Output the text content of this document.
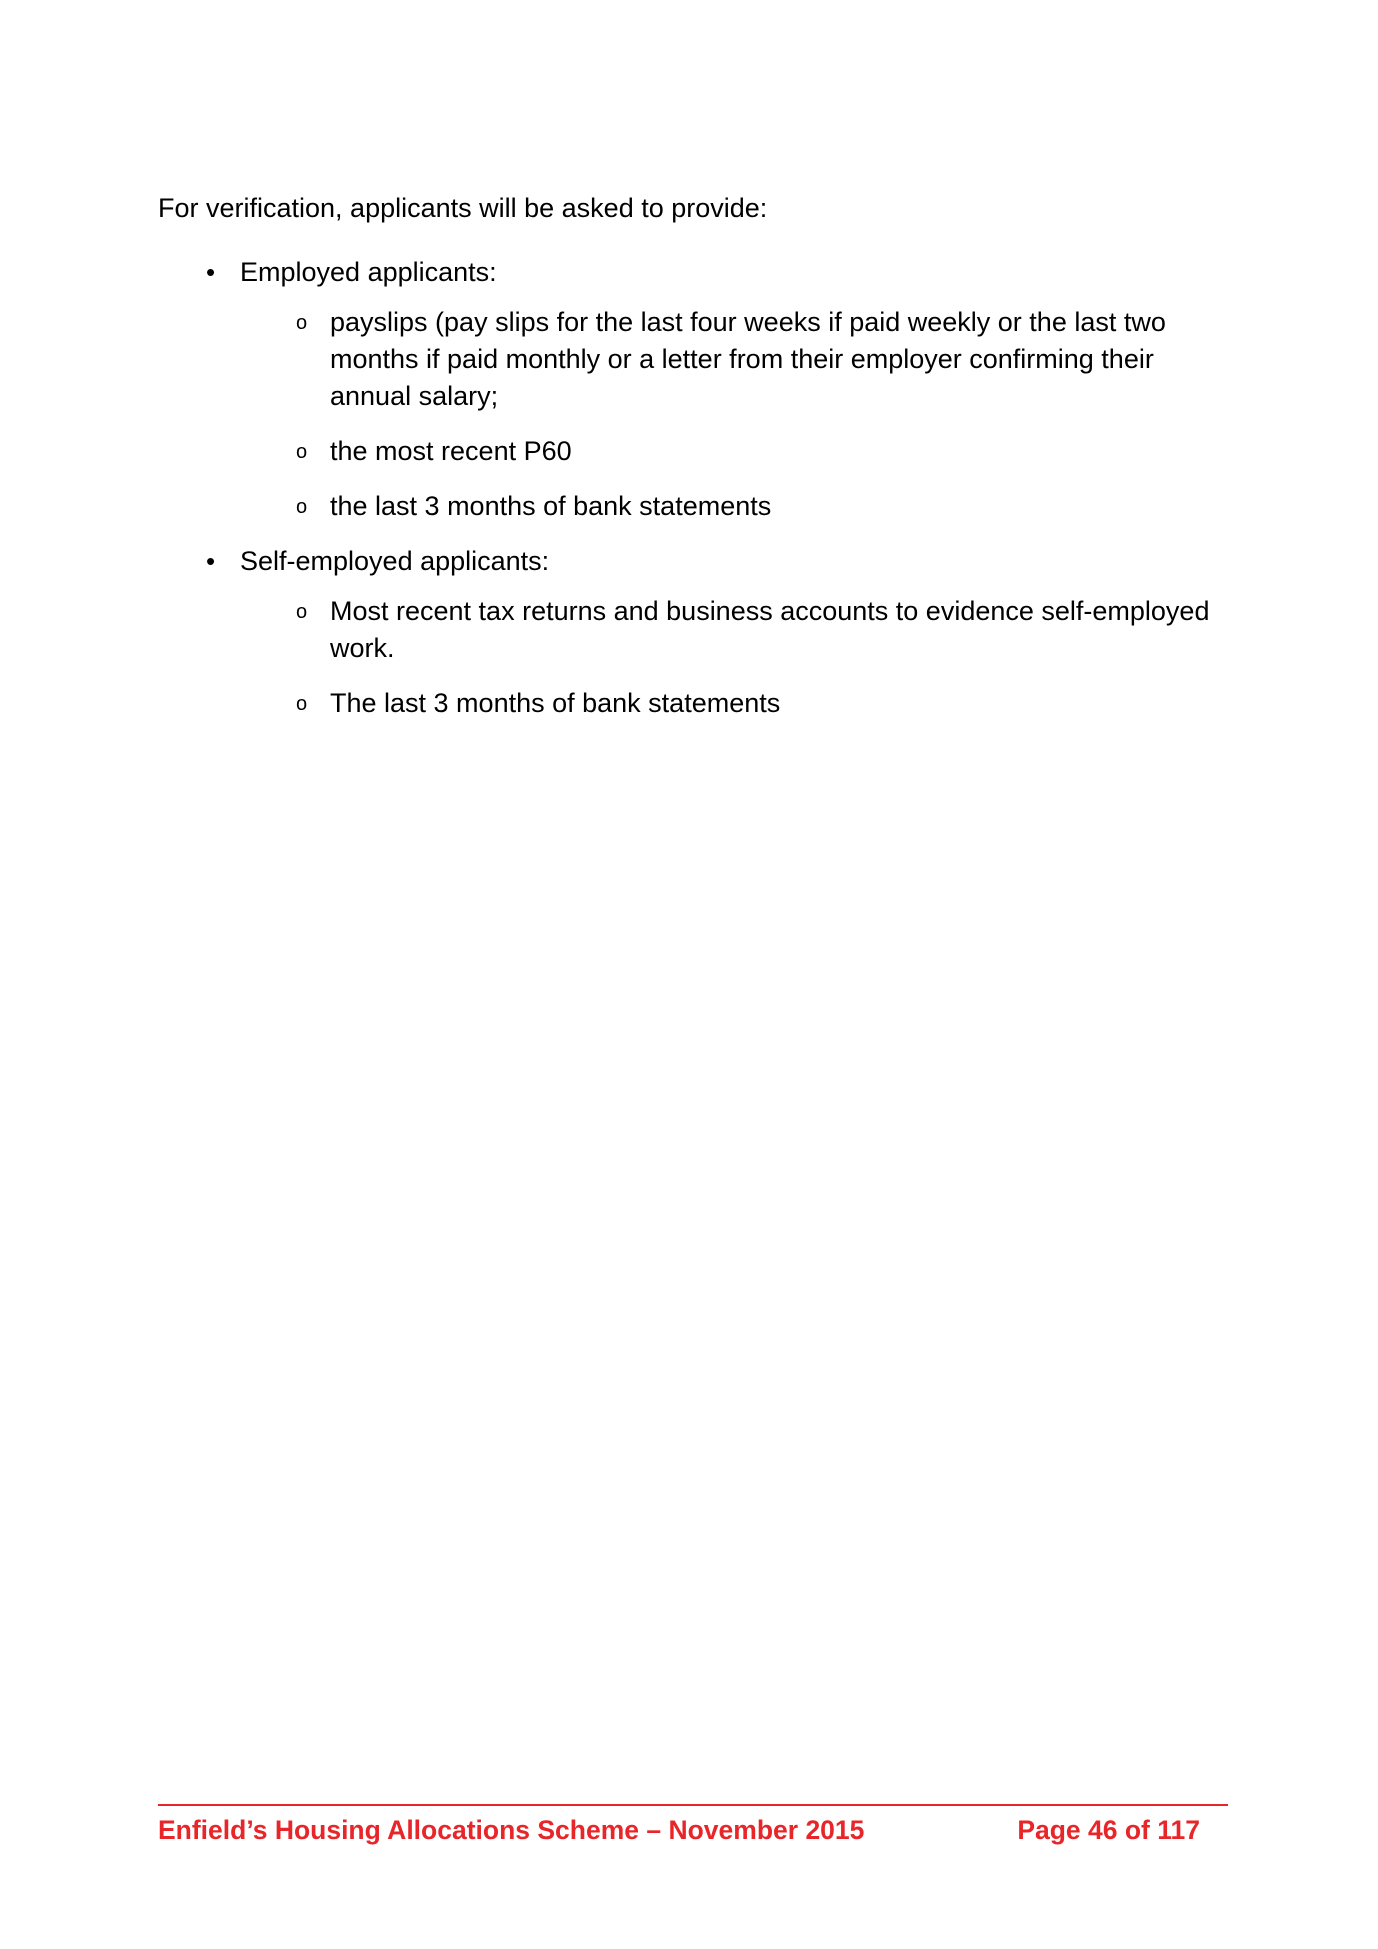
For verification, applicants will be asked to provide:

• Employed applicants:
o payslips (pay slips for the last four weeks if paid weekly or the last two months if paid monthly or a letter from their employer confirming their annual salary;
o the most recent P60
o the last 3 months of bank statements
• Self-employed applicants:
o Most recent tax returns and business accounts to evidence self-employed work.
o The last 3 months of bank statements
Enfield’s Housing Allocations Scheme – November 2015	Page 46 of 117
